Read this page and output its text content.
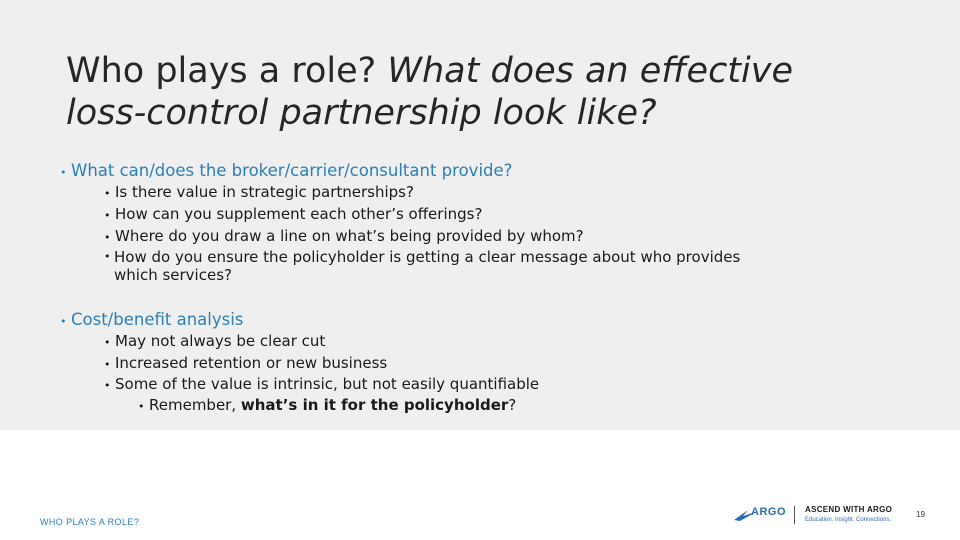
Who plays a role? What does an effective loss-control partnership look like?
• What can/does the broker/carrier/consultant provide?
• Is there value in strategic partnerships?
• How can you supplement each other’s offerings?
• Where do you draw a line on what’s being provided by whom?
• How do you ensure the policyholder is getting a clear message about who provides which services?
• Cost/benefit analysis
• May not always be clear cut
• Increased retention or new business
• Some of the value is intrinsic, but not easily quantifiable
• Remember, what’s in it for the policyholder?
WHO PLAYS A ROLE?
ARGO ASCEND WITH ARGO
Education. Insight. Connections.
19
